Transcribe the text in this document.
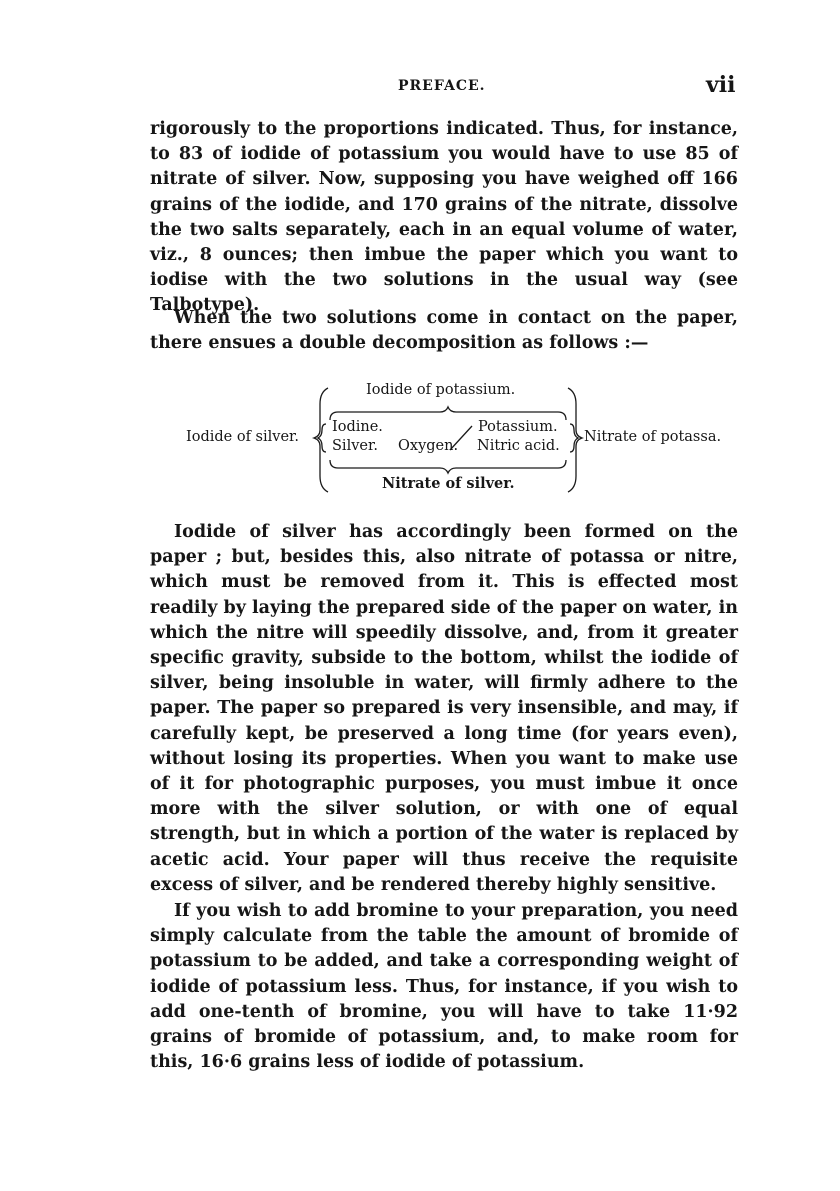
PREFACE.	vii
rigorously to the proportions indicated. Thus, for instance, to 83 of iodide of potassium you would have to use 85 of nitrate of silver. Now, supposing you have weighed off 166 grains of the iodide, and 170 grains of the nitrate, dissolve the two salts separately, each in an equal volume of water, viz., 8 ounces; then imbue the paper which you want to iodise with the two solutions in the usual way (see Talbotype).
When the two solutions come in contact on the paper, there ensues a double decomposition as follows :—
Iodide of potassium.
Iodide of silver.	Nitrate of potassa.
Iodine.
Silver. Oxygen.
Potassium.
Nitric acid.
Nitrate of silver.
Iodide of silver has accordingly been formed on the paper ; but, besides this, also nitrate of potassa or nitre, which must be removed from it. This is effected most readily by laying the prepared side of the paper on water, in which the nitre will speedily dissolve, and, from it greater specific gravity, subside to the bottom, whilst the iodide of silver, being insoluble in water, will firmly adhere to the paper. The paper so prepared is very insensible, and may, if carefully kept, be preserved a long time (for years even), without losing its properties. When you want to make use of it for photographic purposes, you must imbue it once more with the silver solution, or with one of equal strength, but in which a portion of the water is replaced by acetic acid. Your paper will thus receive the requisite excess of silver, and be rendered thereby highly sensitive.
If you wish to add bromine to your preparation, you need simply calculate from the table the amount of bromide of potassium to be added, and take a corresponding weight of iodide of potassium less. Thus, for instance, if you wish to add one-tenth of bromine, you will have to take 11·92 grains of bromide of potassium, and, to make room for this, 16·6 grains less of iodide of potassium.
